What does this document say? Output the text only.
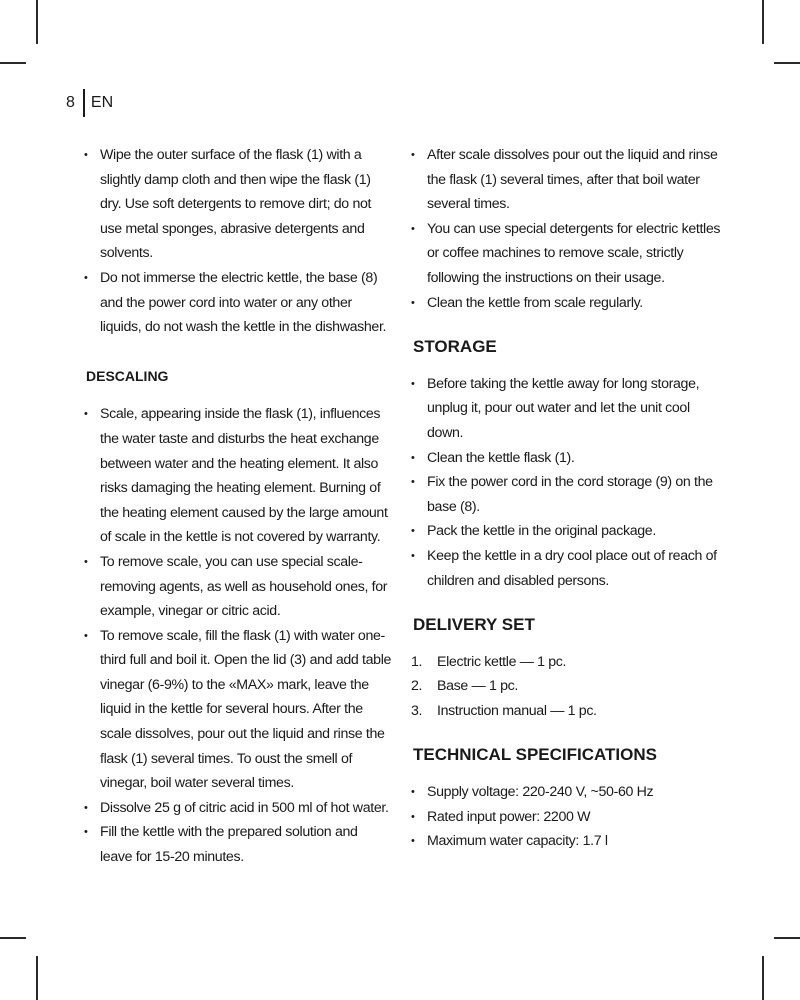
8 EN
• Wipe the outer surface of the flask (1) with a slightly damp cloth and then wipe the flask (1) dry. Use soft detergents to remove dirt; do not use metal sponges, abrasive detergents and solvents.
• Do not immerse the electric kettle, the base (8) and the power cord into water or any other liquids, do not wash the kettle in the dishwasher.
DESCALING
• Scale, appearing inside the flask (1), influences the water taste and disturbs the heat exchange between water and the heating element. It also risks damaging the heating element. Burning of the heating element caused by the large amount of scale in the kettle is not covered by warranty.
• To remove scale, you can use special scale-removing agents, as well as household ones, for example, vinegar or citric acid.
• To remove scale, fill the flask (1) with water one-third full and boil it. Open the lid (3) and add table vinegar (6-9%) to the «MAX» mark, leave the liquid in the kettle for several hours. After the scale dissolves, pour out the liquid and rinse the flask (1) several times. To oust the smell of vinegar, boil water several times.
• Dissolve 25 g of citric acid in 500 ml of hot water.
• Fill the kettle with the prepared solution and leave for 15-20 minutes.
• After scale dissolves pour out the liquid and rinse the flask (1) several times, after that boil water several times.
• You can use special detergents for electric kettles or coffee machines to remove scale, strictly following the instructions on their usage.
• Clean the kettle from scale regularly.
STORAGE
• Before taking the kettle away for long storage, unplug it, pour out water and let the unit cool down.
• Clean the kettle flask (1).
• Fix the power cord in the cord storage (9) on the base (8).
• Pack the kettle in the original package.
• Keep the kettle in a dry cool place out of reach of children and disabled persons.
DELIVERY SET
1. Electric kettle — 1 pc.
2. Base — 1 pc.
3. Instruction manual — 1 pc.
TECHNICAL SPECIFICATIONS
• Supply voltage: 220-240 V, ~50-60 Hz
• Rated input power: 2200 W
• Maximum water capacity: 1.7 l
